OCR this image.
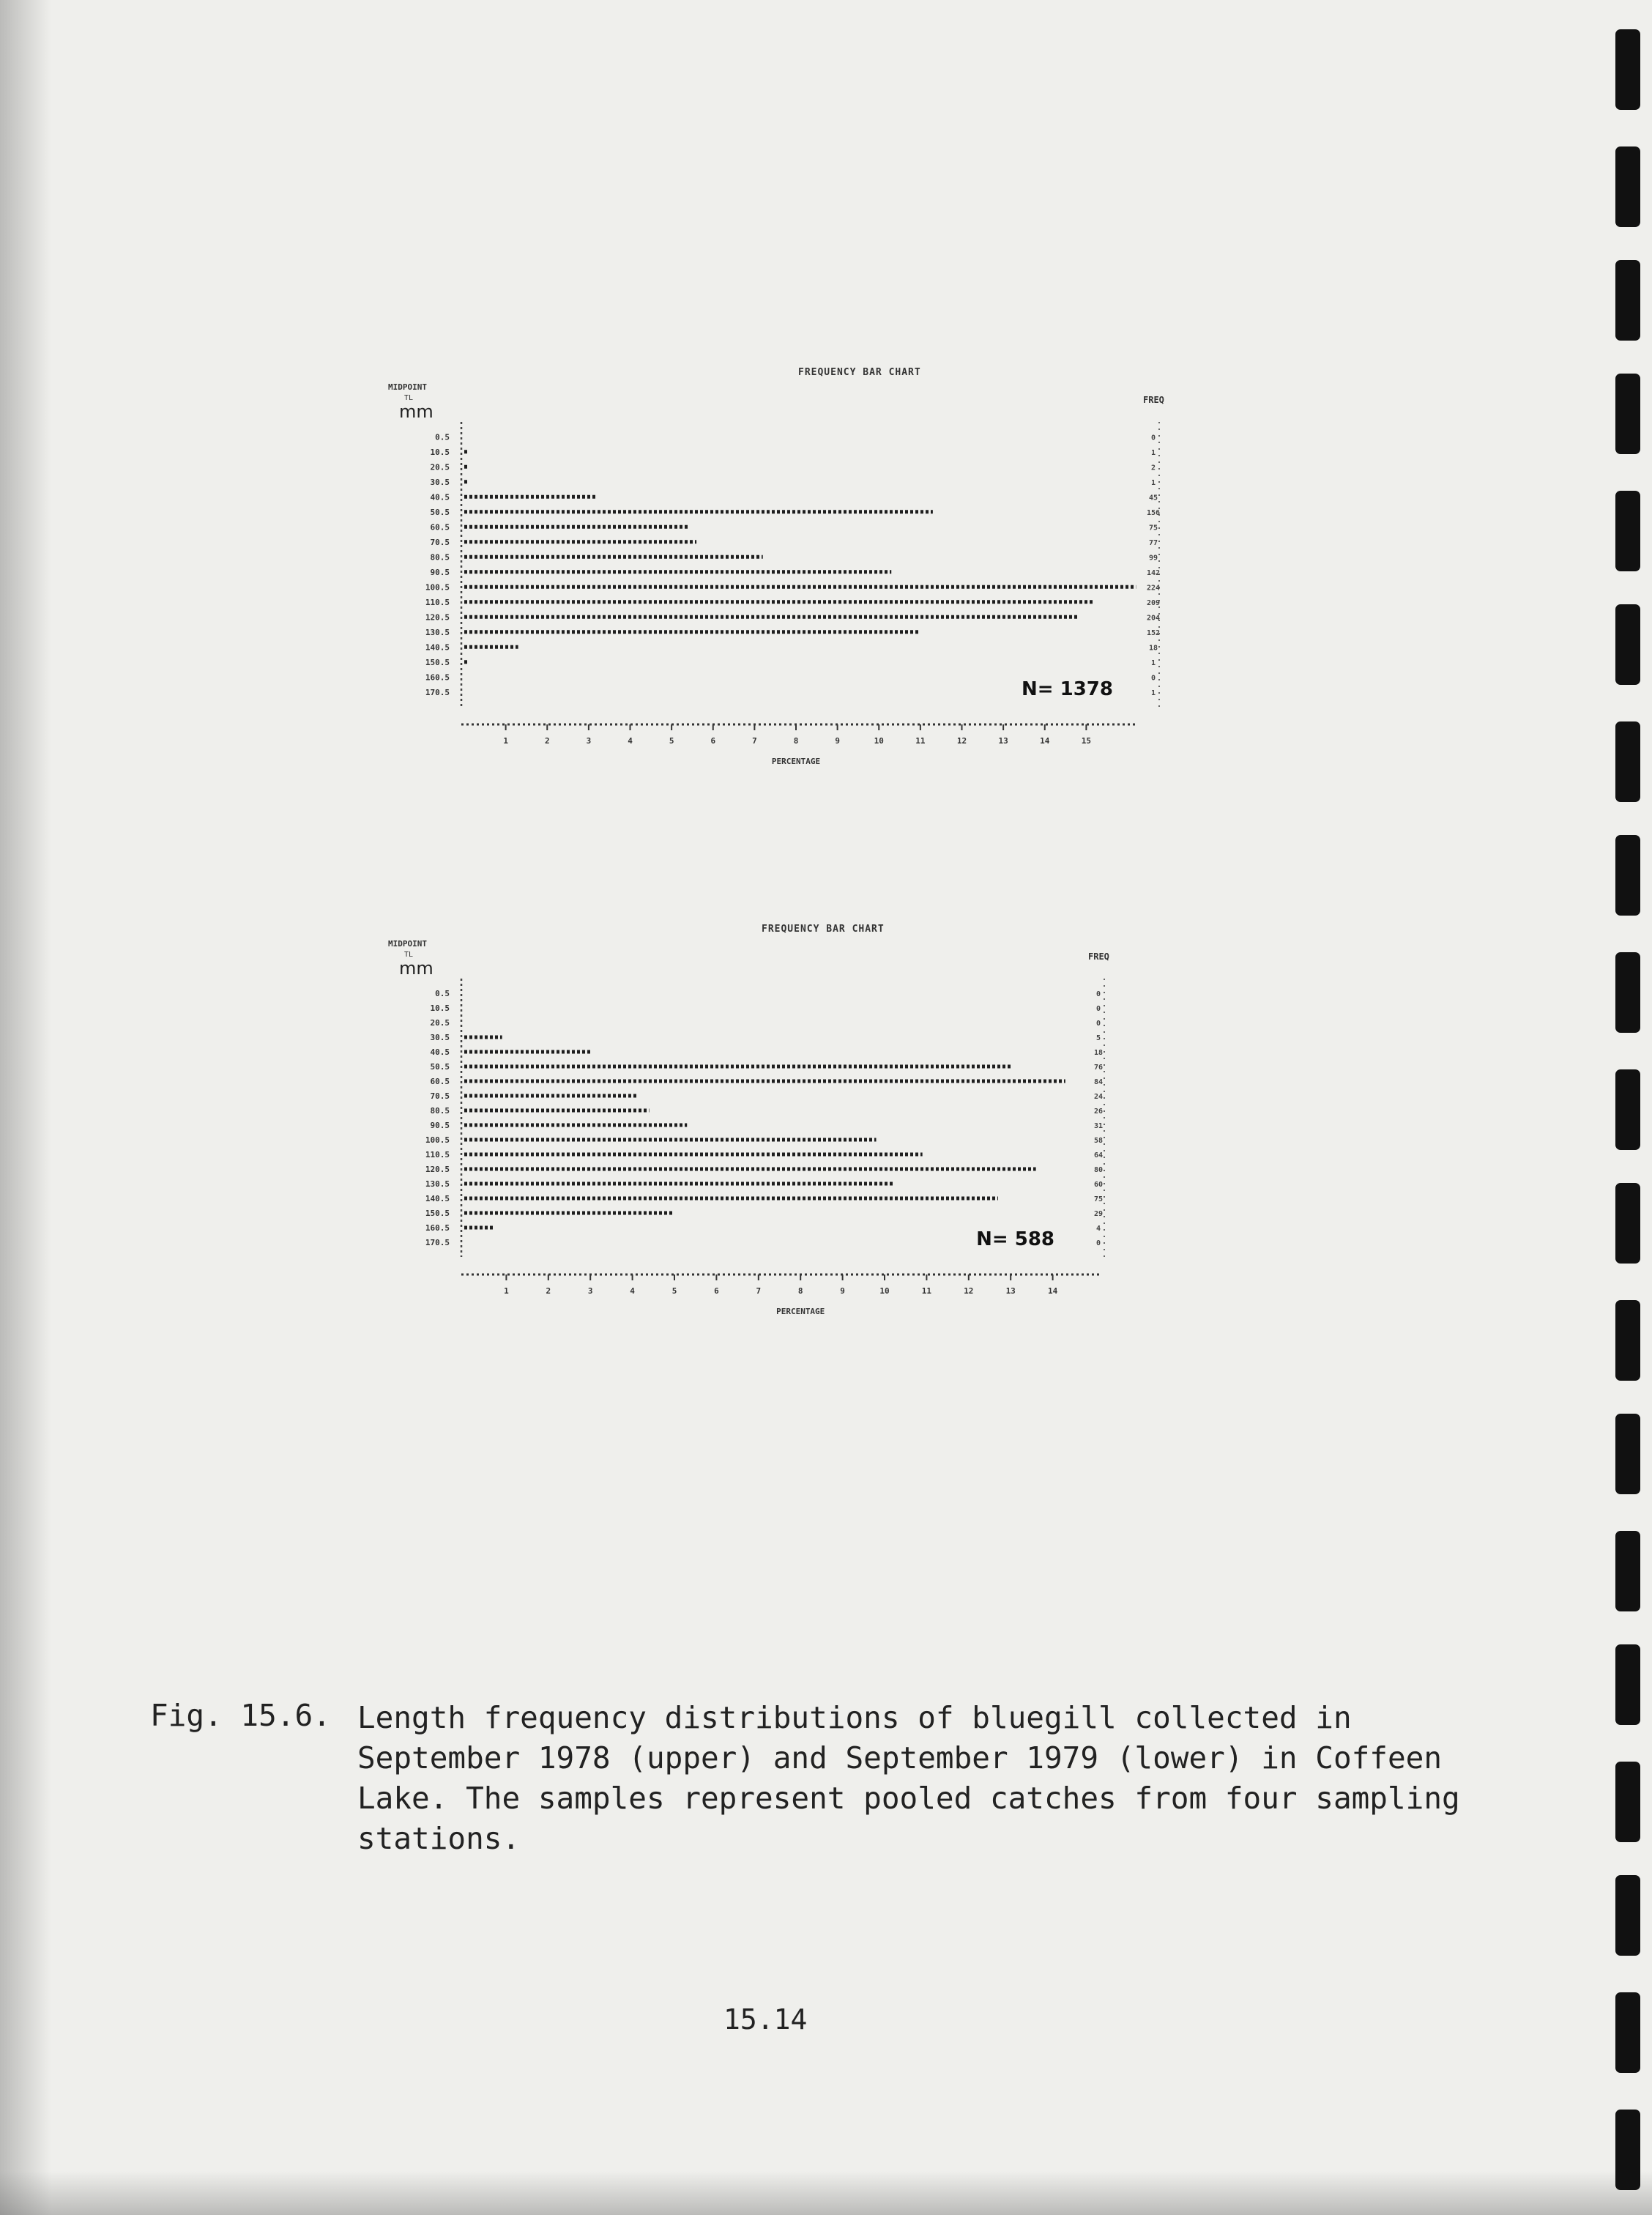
FREQUENCY BAR CHART
MIDPOINT
TL
mm
FREQ
0.5	0
10.5	1
20.5	2
30.5	1
40.5	45
50.5	156
60.5	75
70.5	77
80.5	99
90.5	142
100.5	224
110.5	209
120.5	204
130.5	152
140.5	18
150.5	1
160.5	0
170.5	1
1	2	3	4	5	6	7	8	9	10	11	12	13	14	15
PERCENTAGE
N= 1378
FREQUENCY BAR CHART
MIDPOINT
TL
mm
FREQ
0.5	0
10.5	0
20.5	0
30.5	5
40.5	18
50.5	76
60.5	84
70.5	24
80.5	26
90.5	31
100.5	58
110.5	64
120.5	80
130.5	60
140.5	75
150.5	29
160.5	4
170.5	0
1	2	3	4	5	6	7	8	9	10	11	12	13	14
PERCENTAGE
N= 588
Fig. 15.6. Length frequency distributions of bluegill collected in September 1978 (upper) and September 1979 (lower) in Coffeen Lake. The samples represent pooled catches from four sampling stations.
15.14
